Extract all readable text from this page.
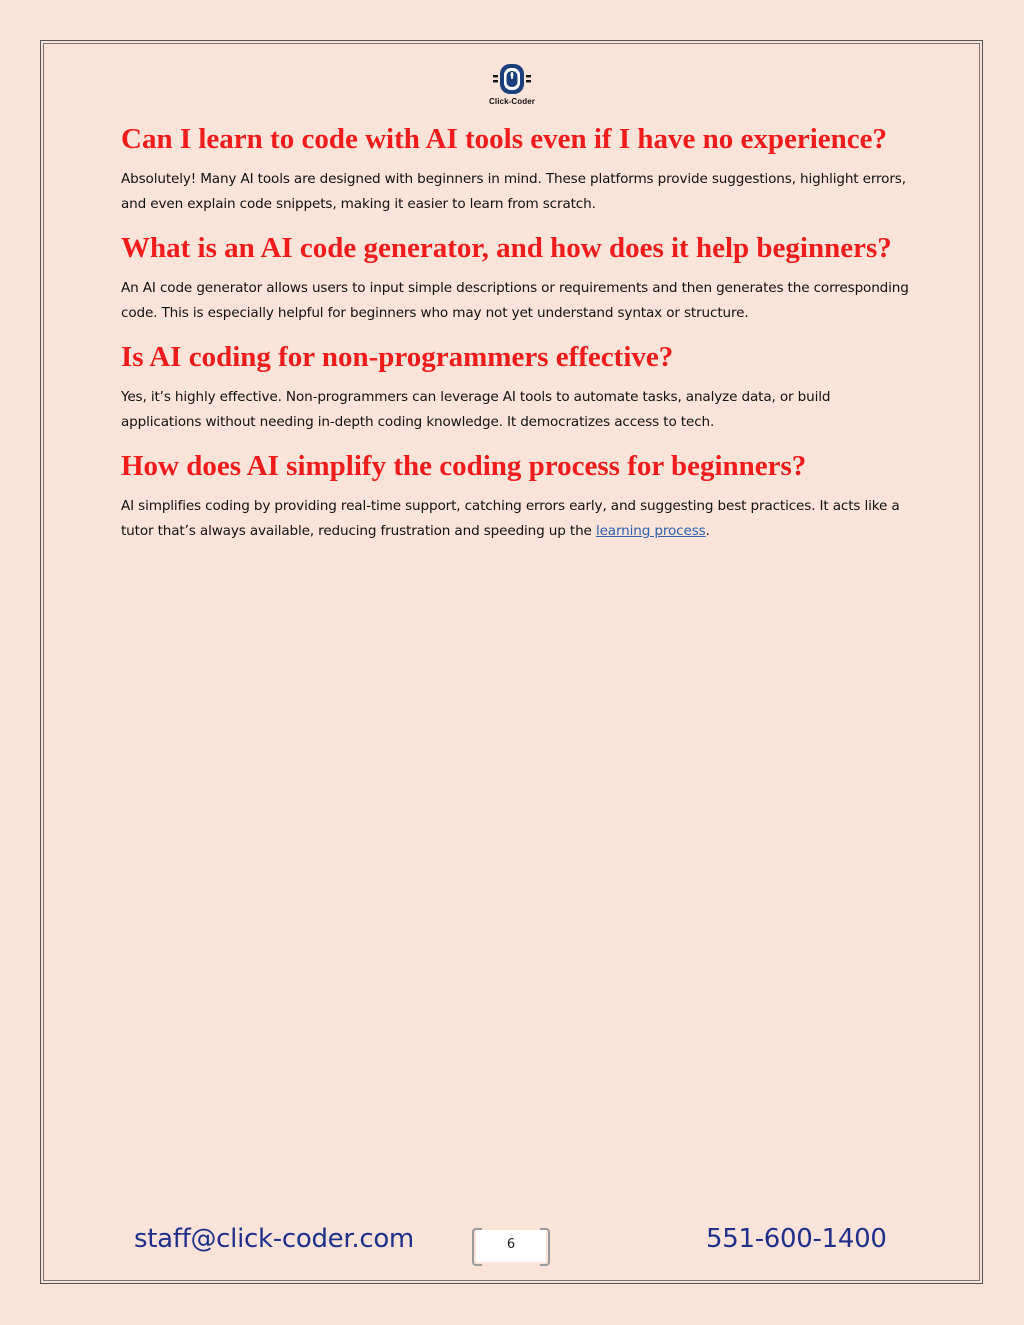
Click-Coder
Can I learn to code with AI tools even if I have no experience?

Absolutely! Many AI tools are designed with beginners in mind. These platforms provide suggestions, highlight errors, and even explain code snippets, making it easier to learn from scratch.

What is an AI code generator, and how does it help beginners?

An AI code generator allows users to input simple descriptions or requirements and then generates the corresponding code. This is especially helpful for beginners who may not yet understand syntax or structure.

Is AI coding for non-programmers effective?

Yes, it’s highly effective. Non-programmers can leverage AI tools to automate tasks, analyze data, or build applications without needing in-depth coding knowledge. It democratizes access to tech.

How does AI simplify the coding process for beginners?

AI simplifies coding by providing real-time support, catching errors early, and suggesting best practices. It acts like a tutor that’s always available, reducing frustration and speeding up the learning process.

staff@click-coder.com	6	551-600-1400
